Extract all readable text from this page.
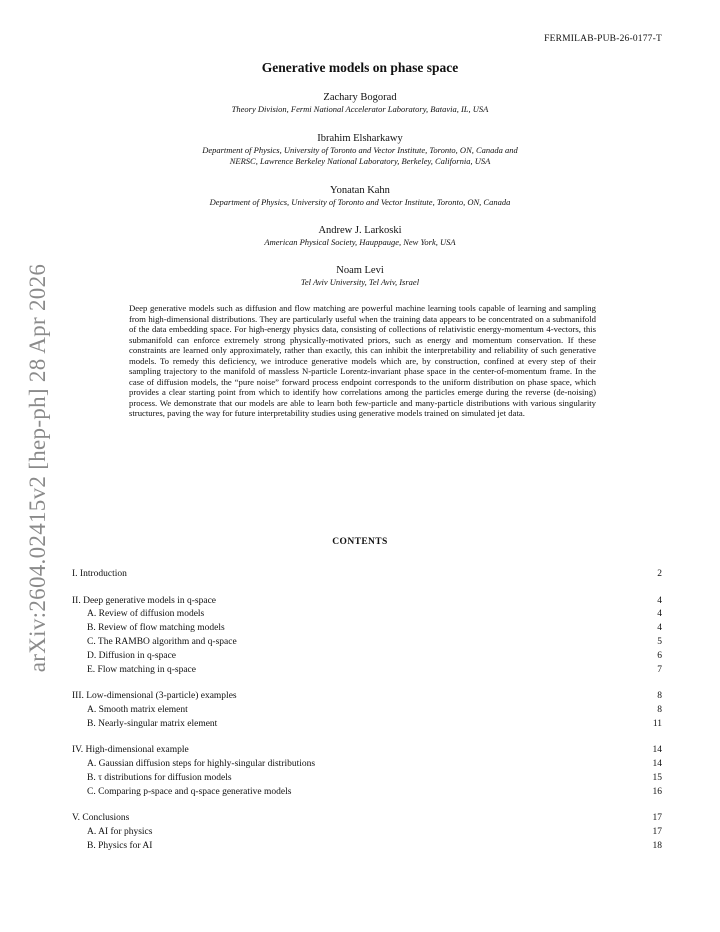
arXiv:2604.02415v2 [hep-ph] 28 Apr 2026
FERMILAB-PUB-26-0177-T
Generative models on phase space
Zachary Bogorad
Theory Division, Fermi National Accelerator Laboratory, Batavia, IL, USA
Ibrahim Elsharkawy
Department of Physics, University of Toronto and Vector Institute, Toronto, ON, Canada and
NERSC, Lawrence Berkeley National Laboratory, Berkeley, California, USA
Yonatan Kahn
Department of Physics, University of Toronto and Vector Institute, Toronto, ON, Canada
Andrew J. Larkoski
American Physical Society, Hauppauge, New York, USA
Noam Levi
Tel Aviv University, Tel Aviv, Israel
Deep generative models such as diffusion and flow matching are powerful machine learning tools capable of learning and sampling from high-dimensional distributions. They are particularly useful when the training data appears to be concentrated on a submanifold of the data embedding space. For high-energy physics data, consisting of collections of relativistic energy-momentum 4-vectors, this submanifold can enforce extremely strong physically-motivated priors, such as energy and momentum conservation. If these constraints are learned only approximately, rather than exactly, this can inhibit the interpretability and reliability of such generative models. To remedy this deficiency, we introduce generative models which are, by construction, confined at every step of their sampling trajectory to the manifold of massless N-particle Lorentz-invariant phase space in the center-of-momentum frame. In the case of diffusion models, the “pure noise” forward process endpoint corresponds to the uniform distribution on phase space, which provides a clear starting point from which to identify how correlations among the particles emerge during the reverse (de-noising) process. We demonstrate that our models are able to learn both few-particle and many-particle distributions with various singularity structures, paving the way for future interpretability studies using generative models trained on simulated jet data.
CONTENTS
I. Introduction	2
II. Deep generative models in q-space	4
A. Review of diffusion models	4
B. Review of flow matching models	4
C. The RAMBO algorithm and q-space	5
D. Diffusion in q-space	6
E. Flow matching in q-space	7
III. Low-dimensional (3-particle) examples	8
A. Smooth matrix element	8
B. Nearly-singular matrix element	11
IV. High-dimensional example	14
A. Gaussian diffusion steps for highly-singular distributions	14
B. τ distributions for diffusion models	15
C. Comparing p-space and q-space generative models	16
V. Conclusions	17
A. AI for physics	17
B. Physics for AI	18
